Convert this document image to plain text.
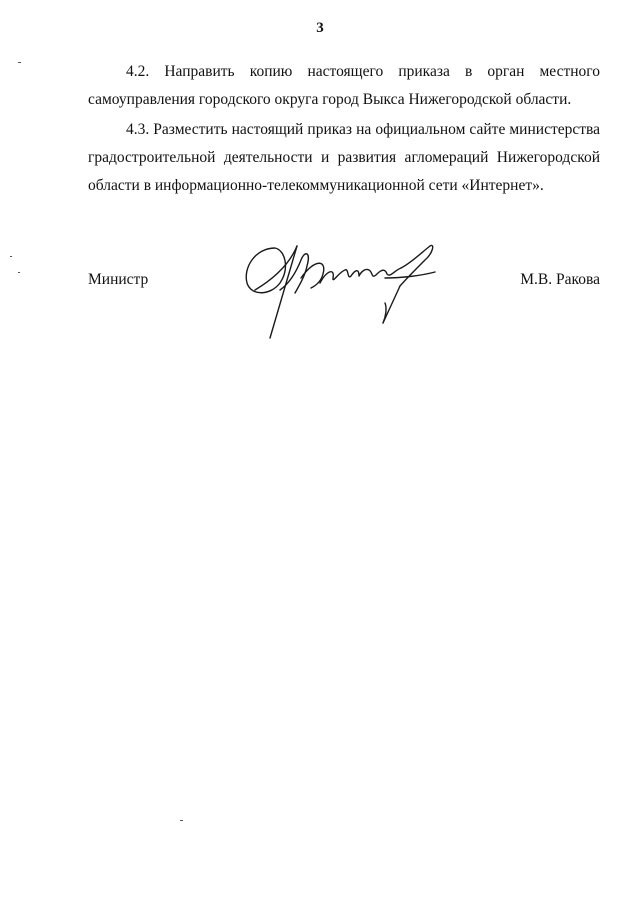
3
4.2. Направить копию настоящего приказа в орган местного самоуправления городского округа город Выкса Нижегородской области.
4.3. Разместить настоящий приказ на официальном сайте министерства градостроительной деятельности и развития агломераций Нижегородской области в информационно-телекоммуникационной сети «Интернет».
Министр	М.В. Ракова
